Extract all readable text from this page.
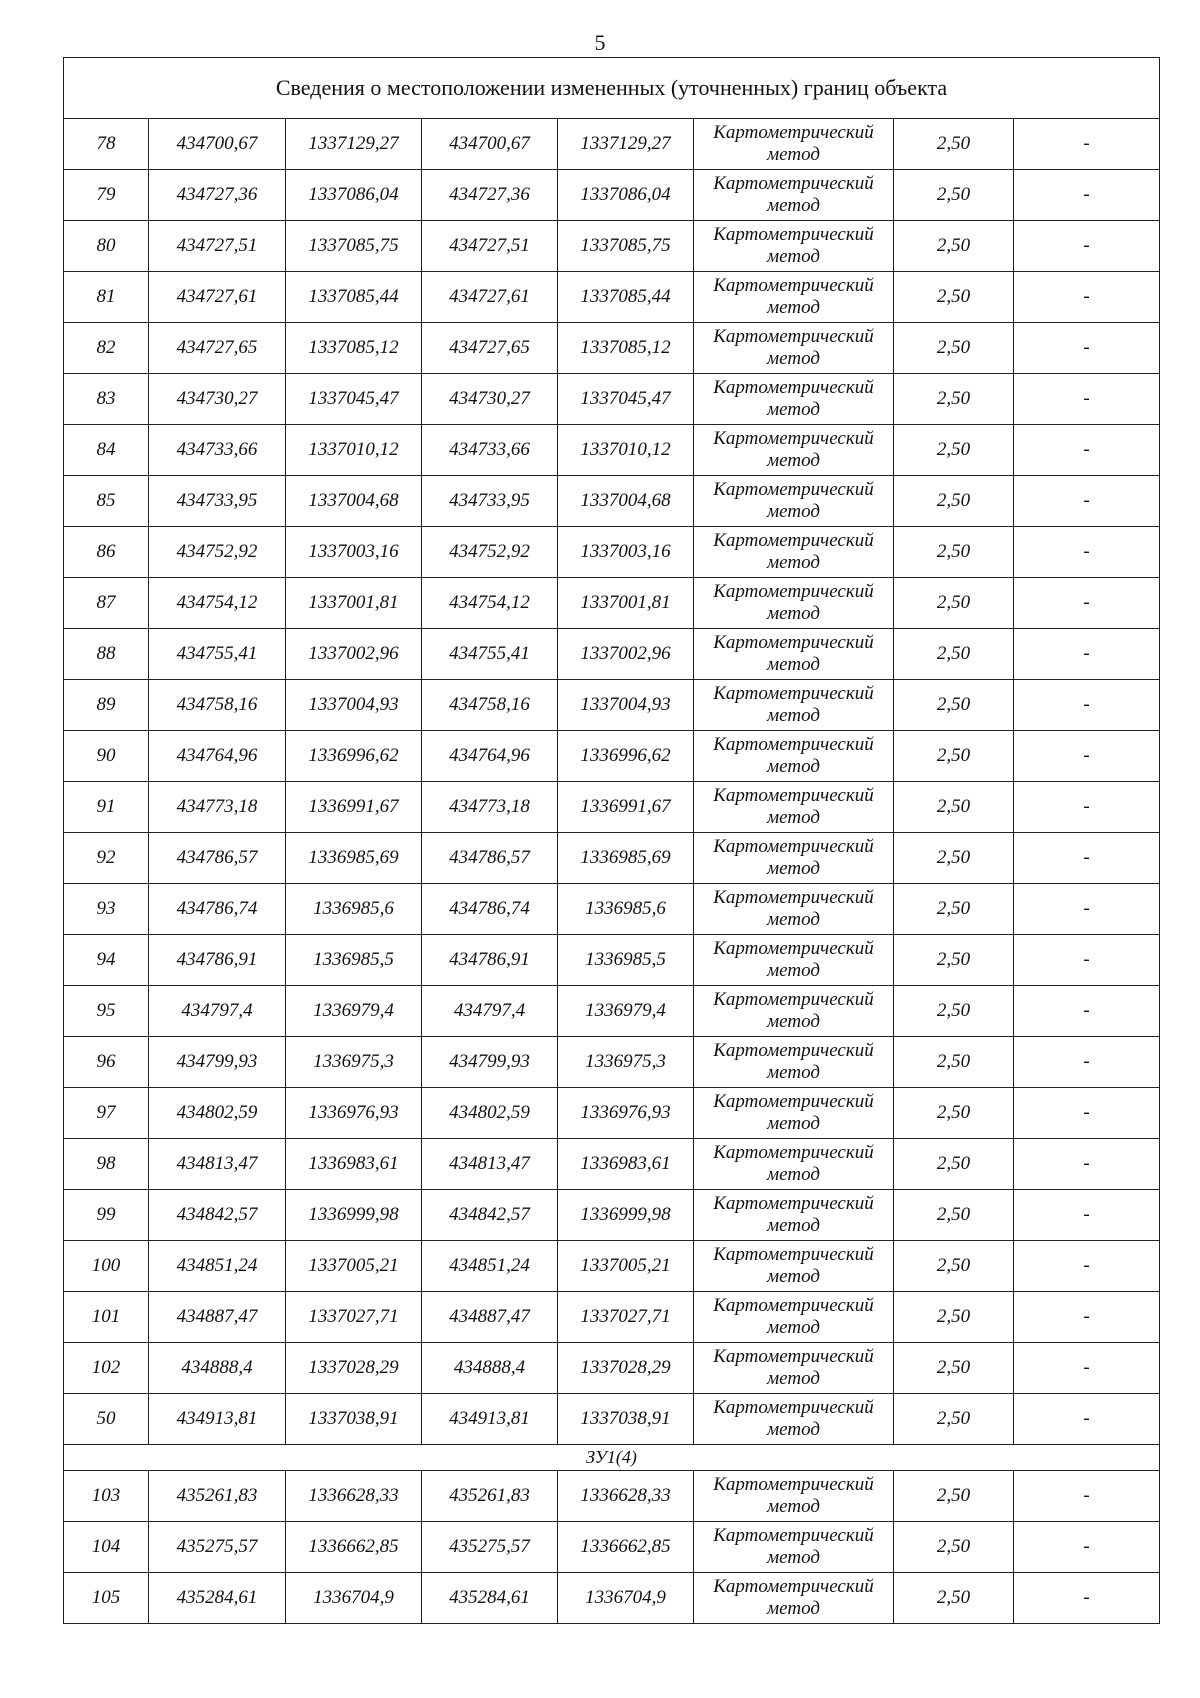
5
Сведения о местоположении измененных (уточненных) границ объекта							
78	434700,67	1337129,27	434700,67	1337129,27	Картометрический
метод	2,50	-
79	434727,36	1337086,04	434727,36	1337086,04	Картометрический
метод	2,50	-
80	434727,51	1337085,75	434727,51	1337085,75	Картометрический
метод	2,50	-
81	434727,61	1337085,44	434727,61	1337085,44	Картометрический
метод	2,50	-
82	434727,65	1337085,12	434727,65	1337085,12	Картометрический
метод	2,50	-
83	434730,27	1337045,47	434730,27	1337045,47	Картометрический
метод	2,50	-
84	434733,66	1337010,12	434733,66	1337010,12	Картометрический
метод	2,50	-
85	434733,95	1337004,68	434733,95	1337004,68	Картометрический
метод	2,50	-
86	434752,92	1337003,16	434752,92	1337003,16	Картометрический
метод	2,50	-
87	434754,12	1337001,81	434754,12	1337001,81	Картометрический
метод	2,50	-
88	434755,41	1337002,96	434755,41	1337002,96	Картометрический
метод	2,50	-
89	434758,16	1337004,93	434758,16	1337004,93	Картометрический
метод	2,50	-
90	434764,96	1336996,62	434764,96	1336996,62	Картометрический
метод	2,50	-
91	434773,18	1336991,67	434773,18	1336991,67	Картометрический
метод	2,50	-
92	434786,57	1336985,69	434786,57	1336985,69	Картометрический
метод	2,50	-
93	434786,74	1336985,6	434786,74	1336985,6	Картометрический
метод	2,50	-
94	434786,91	1336985,5	434786,91	1336985,5	Картометрический
метод	2,50	-
95	434797,4	1336979,4	434797,4	1336979,4	Картометрический
метод	2,50	-
96	434799,93	1336975,3	434799,93	1336975,3	Картометрический
метод	2,50	-
97	434802,59	1336976,93	434802,59	1336976,93	Картометрический
метод	2,50	-
98	434813,47	1336983,61	434813,47	1336983,61	Картометрический
метод	2,50	-
99	434842,57	1336999,98	434842,57	1336999,98	Картометрический
метод	2,50	-
100	434851,24	1337005,21	434851,24	1337005,21	Картометрический
метод	2,50	-
101	434887,47	1337027,71	434887,47	1337027,71	Картометрический
метод	2,50	-
102	434888,4	1337028,29	434888,4	1337028,29	Картометрический
метод	2,50	-
50	434913,81	1337038,91	434913,81	1337038,91	Картометрический
метод	2,50	-
ЗУ1(4)							
103	435261,83	1336628,33	435261,83	1336628,33	Картометрический
метод	2,50	-
104	435275,57	1336662,85	435275,57	1336662,85	Картометрический
метод	2,50	-
105	435284,61	1336704,9	435284,61	1336704,9	Картометрический
метод	2,50	-
